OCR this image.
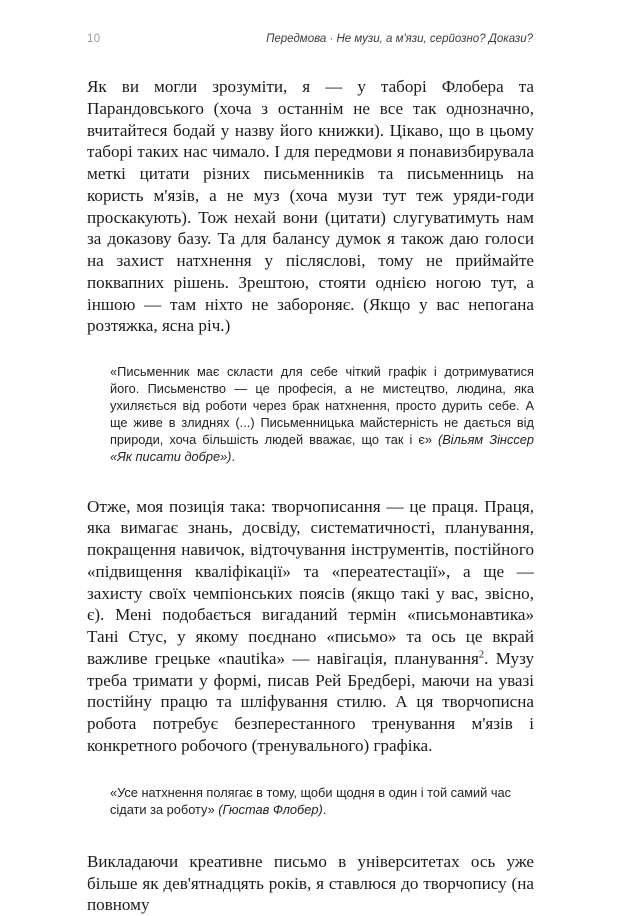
10	Передмова · Не музи, а м'язи, серйозно? Докази?

Як ви могли зрозуміти, я — у таборі Флобера та Парандовського (хоча з останнім не все так однозначно, вчитайтеся бодай у назву його книжки). Цікаво, що в цьому таборі таких нас чимало. І для передмови я понавизбирувала меткі цитати різних письменників та письменниць на користь м'язів, а не муз (хоча музи тут теж уряди-годи проскакують). Тож нехай вони (цитати) слугуватимуть нам за доказову базу. Та для балансу думок я також даю голоси на захист натхнення у післяслові, тому не приймайте поквапних рішень. Зрештою, стояти однією ногою тут, а іншою — там ніхто не забороняє. (Якщо у вас непогана розтяжка, ясна річ.)

«Письменник має скласти для себе чіткий графік і дотримуватися його. Письменство — це професія, а не мистецтво, людина, яка ухиляється від роботи через брак натхнення, просто дурить себе. А ще живе в злиднях (...) Письменницька майстерність не дається від природи, хоча більшість людей вважає, що так і є» (Вільям Зінссер «Як писати добре»).

Отже, моя позиція така: творчописання — це праця. Праця, яка вимагає знань, досвіду, систематичності, планування, покращення навичок, відточування інструментів, постійного «підвищення кваліфікації» та «переатестації», а ще — захисту своїх чемпіонських поясів (якщо такі у вас, звісно, є). Мені подобається вигаданий термін «письмонавтика» Тані Стус, у якому поєднано «письмо» та ось це вкрай важливе грецьке «nautika» — навігація, планування$^2$. Музу треба тримати у формі, писав Рей Бредбері, маючи на увазі постійну працю та шліфування стилю. А ця творчописна робота потребує безперестанного тренування м'язів і конкретного робочого (тренувального) графіка.

«Усе натхнення полягає в тому, щоби щодня в один і той самий час сідати за роботу» (Гюстав Флобер).

Викладаючи креативне письмо в університетах ось уже більше як дев'ятнадцять років, я ставлюся до творчопису (на повному
